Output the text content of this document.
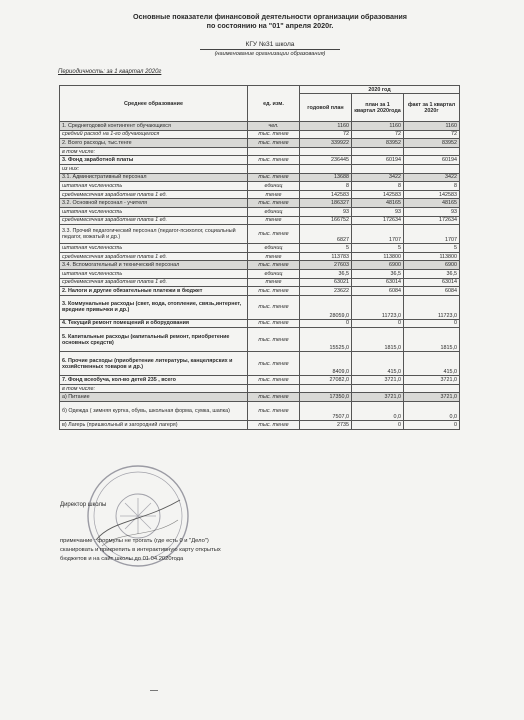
Основные показатели финансовой деятельности организации образования
по состоянию на "01" апреля 2020г.
КГУ №31 школа
(наименование организации образования)
Периодичность: за 1 квартал 2020г
Среднее образование	ед. изм.	2020 год		
		годовой план	план за 1 квартал 2020года	факт за 1 квартал 2020г
1. Среднегодовой контингент обучающихся	чел.	1160	1160	1160
средний расход на 1-го обучающегося	тыс. тенге	72	72	72
2. Всего расходы, тыс.тенге	тыс. тенге	339922	83952	83952
в том числе:				
3. Фонд заработной платы	тыс. тенге	236445	60194	60194
из них:				
3.1. Административный персонал	тыс. тенге	13688	3422	3422
штатная численность	единиц	8	8	8
среднемесячная заработная плата 1 ед.	тенге	142583	142583	142583
3.2. Основной персонал - учителя	тыс. тенге	186327	48165	48165
штатная численность	единиц	93	93	93
среднемесячная заработная плата 1 ед.	тенге	166752	172634	172634
3.3. Прочий педагогический персонал (педагог-психолог, социальный педагог, вожатый и др.)	тыс. тенге	6827	1707	1707
штатная численность	единиц	5	5	5
среднемесячная заработная плата 1 ед.	тенге	113783	113800	113800
3.4. Вспомогательный и технический персонал	тыс. тенге	27603	6900	6900
штатная численность	единиц	36,5	36,5	36,5
среднемесячная заработная плата 1 ед.	тенге	63021	63014	63014
2. Налоги и другие обязательные платежи в бюджет	тыс. тенге	23622	6084	6084
3. Коммунальные расходы (свет, вода, отопление, связь,интернет, вредние привычки и др.)	тыс. тенге	28059,0	11723,0	11723,0
4. Текущий ремонт помещений и оборудования	тыс. тенге	0	0	0
5. Капитальные расходы (капитальный ремонт, приобретение основных средств)	тыс. тенге	15525,0	1815,0	1815,0
6. Прочие расходы (приобретение литературы, канцелярских и хозяйственных товаров и др.)	тыс. тенге	8409,0	415,0	415,0
7. Фонд всеобуча, кол-во детей 235 , всего	тыс. тенге	27082,0	3721,0	3721,0
в том числе:				
а) Питание	тыс. тенге	17350,0	3721,0	3721,0
б) Одежда ( зимняя куртка, обувь, школьная форма, сумка, шапка)	тыс. тенге	7507,0	0,0	0,0
в) Лагерь (пришкольный и загородний лагеря)	тыс. тенге	2735	0	0
Директор школы
примечание : формулы не трогать (где есть 0 и "Дело")
сканировать и прикрепить в интерактивную карту открытых
бюджетов и на сайт школы до 01.04.2020года
